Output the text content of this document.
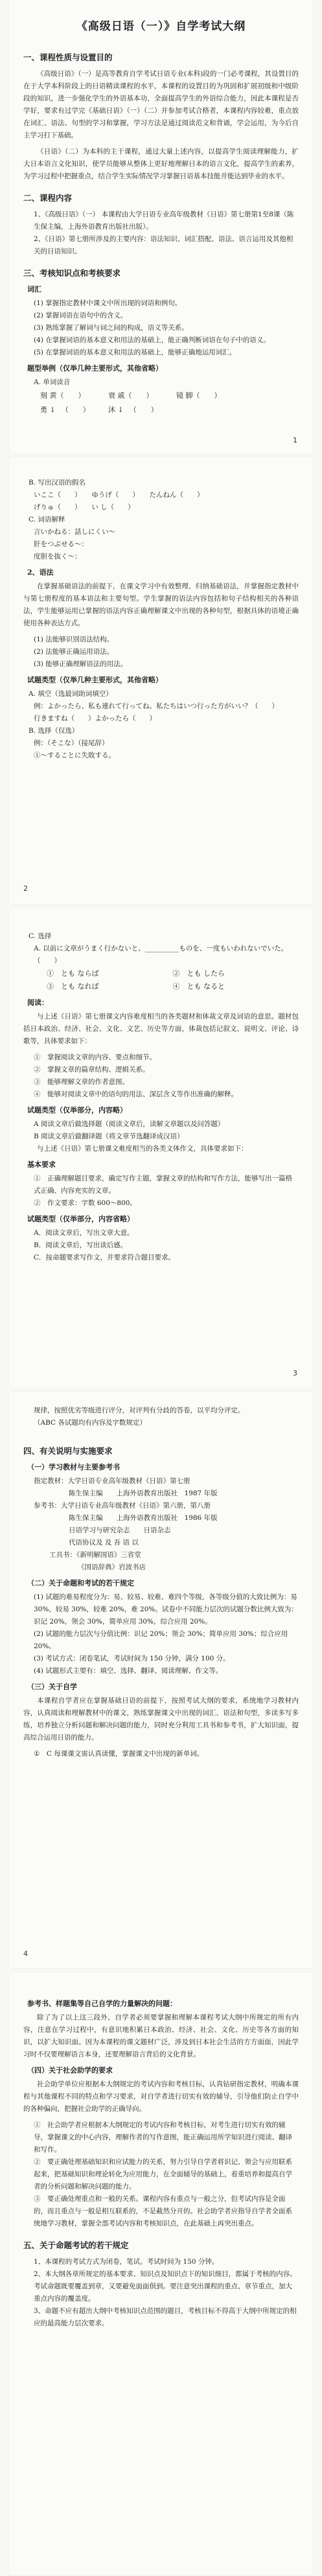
《高级日语（一）》自学考试大纲
一、课程性质与设置目的

《高级日语》（一）是高等教育自学考试日语专业(本科)段的一门必考课程，其设置目的在于大学本科阶段上的日语精读课程的水平，本课程的设置目的为巩固和扩展初级和中级阶段的知识，进一步强化学生的外语基本功，全面提高学生的外语综合能力，因此本课程是否学好，要求有过学完《基础日语》（一）（二）并参加考试合格者，本课程内容较难，重点放在词汇、语法、句型的学习和掌握，学习方法是通过阅读范文和背诵，学会运用，为今后自主学习打下基础。

《日语》（二）为本科的主干课程，通过大量上述内容，以提高学生阅读理解能力，扩大日本语言文化知识，使学员能够从整体上更好地理解日本的语言文化，提高学生的素养，为学习过程中把握重点，结合学生实际情况学习掌握日语基本技能并能达到毕业的水平。

二、课程内容

1、《高级日语》（一） 本课程由大学日语专业高年级教材《日语》第七册第1至8课（陈生保主编，上海外语教育出版社出版）。

2、《日语》第七册所涉及的主要内容：语法知识、词汇搭配、语法、语言运用及其他相关的日语知识。

三、考核知识点和考核要求
词汇

(1) 掌握指定教材中课文中所出现的词语和例句。

(2) 掌握词语在语句中的含义。

(3) 熟练掌握了解词与词之间的构成，语义等关系。

(4) 在掌握词语的基本意义和用法的基础上，能正确判断词语在句子中的语义。

(5) 在掌握词语的基本意义和用法的基础上，能够正确地运用词汇。

题型举例（仅举几种主要形式，其他省略）

A. 单词读音

刻 黄（　　）	衰 戚（　　）	镜 脚（　　）
勇 ↓ 　（　　）	沐 ↓ 　（　　）
1

B. 写出汉语的假名

いここ（　　）　　ゆうげ（　　）　　たんねん（　　）

げりゅ（　　）　　い し（　　）

C. 词语解释

言いかねる：話しにくい～

肝をつぶせる～：

度胆を抜く～：

2、语法

在掌握基础语法的前提下，在课文学习中有效整理、归纳基础语法，并掌握指定教材中与第七册程度的基本语法和主要句型。学生掌握的语法内容包括和句子结构相关的各种语法，学生能够运用已掌握的语法内容正确理解课文中出现的各种句型，根据具体的语境正确使用各种表达方式。

(1) 法能够识别语法结构。

(2) 法能够正确运用语法。

(3) 能够正确理解语法的用法。

试题类型（仅举几种主要形式，其他省略）

A. 填空（选最词助词填空）

例：よかったら、私も連れて行ってね。私たちはいつ行った方がいい？（　　）

行きますね（　　）よかったら（　　）

B. 选择（仅选）

例：（そこな）（接尾辞）

①～することに失敗する。

2

C. 选择

A. 以前に文章がうまく行かないと、__________ものを、一度もいわれないでいた。（　　）

①　とも ならば	②　とも したら
③　とも なれば	④　とも なると
阅读：

与上述《日语》第七册课文内容难度相当的各类题材和体裁文章及词语的意思。题材包括日本政治、经济、社会、文化、文艺、历史等方面，体裁包括记叙文、说明文、评论、诗歌等，具体要求如下：

①　掌握阅读文章的内容、要点和细节。

②　掌握文章的篇章结构、逻辑关系。

③　能够理解文章的作者意图。

④　能够对阅读文章中的语句的用法、深层含义等作出准确的解释。

试题类型（仅举部分，内容略）

A 阅读文章后做选择题（阅读文章后，读解文章题以及问答题）

B 阅读文章后做翻译题（将文章节选翻译成汉语）

与上述《日语》第七册课文难度相当的各类文体作文，具体要求如下：

基本要求

①　正确理解题目要求，确定写作主题，掌握文章的结构和写作方法，能够写出一篇格式正确、内容充实的文章。

②　作文要求：字数 600～800。

试题类型（仅举部分，内容省略）

A．阅读文章后，写出文章大意。

B．阅读文章后，写出读后感。

C．按命题要求写作文，并要求符合题目要求。

3

规律，按照优劣等级进行评分，对评判有分歧的答卷，以平均分评定。

（ABC 各试题均有内容及字数规定）

四、有关说明与实施要求
（一）学习教材与主要参考书

指定教材：大学日语专业高年级教材《日语》第七册

陈生保主编　　上海外语教育出版社　1987 年版

参考书：大学日语专业高年级教材《日语》第六册，第八册

陈生保主编　　上海外语教育出版社　1986 年版

日语学习与研究杂志　　日语杂志

代语协议及 及 吾 语 以

工具书：《新明解国语》三省堂

《国语辞典》岩波书店

（二）关于命题和考试的若干规定

(1) 试题的难易程度分为：易、较易、较难、难四个等级，各等级分值的大致比例为：易 30%，较易 30%，较难 20%，难 20%。试卷中不同能力层次的试题分数比例大致为：识记 20%，领会 30%，简单应用 30%，综合应用 20%。

(2) 试题的能力层次与分值比例：识记 20%；领会 30%；简单应用 30%；综合应用 20%。

(3) 考试方式：闭卷笔试，考试时间为 150 分钟，满分 100 分。

(4) 试题形式主要有：填空、选择、翻译、阅读理解、作文等。

（三）关于自学

本课程自学者应在掌握基础日语的前提下，按照考试大纲的要求，系统地学习教材内容，认真阅读和理解教材中的课文，熟练掌握课文中出现的词汇、语法和句型，多读多写多练，培养独立分析问题和解决问题的能力，同时充分利用工具书和参考书，扩大知识面，提高综合运用日语的能力。

①　C 每课课文需认真读懂，掌握课文中出现的新单词。

4
参考书、样题集等自己自学的力量解决的问题：

除了为了以上这三段外，自学者必须要掌握和理解本课程考试大纲中所规定的所有内容，注意在学习过程中，有意识地积累日本政治、经济、社会、文化、历史等各方面的知识，以扩大知识面。因为本课程的课文题材广泛，涉及到日本社会生活的方方面面，因此学习时不仅要理解语言本身，还要理解语言背后的文化背景。

（四）关于社会助学的要求

社会助学单位应根据本大纲规定的考试内容和考核目标，认真钻研指定教材，明确本课程与其他课程不同的特点和学习要求，对自学者进行切实有效的辅导，引导他们防止自学中的各种偏向，把握社会助学的正确导向。

①　社会助学者应根据本大纲规定的考试内容和考核目标，对考生进行切实有效的辅导，掌握课文的中心内容，理解作者的写作意图，能正确运用所学知识进行阅读、翻译和写作。

②　要正确处理基础知识和应试能力的关系，努力引导自学者将识记、领会与应用联系起来，把基础知识和理论转化为应用能力，在全面辅导的基础上，着重培养和提高自学者的分析问题和解决问题的能力。

③　要正确处理重点和一般的关系。课程内容有重点与一般之分，但考试内容是全面的，而且重点与一般是相互联系的，不是截然分开的。社会助学者应指导自学者全面系统地学习教材，掌握全部考试内容和考核知识点，在此基础上再突出重点。

五、关于命题考试的若干规定

1、本课程的考试方式为闭卷，笔试。考试时间为 150 分钟。

2、本大纲各章所规定的基本要求、知识点及知识点下的知识细目，都属于考核的内容。考试命题既要覆盖到章，又要避免面面俱到。要注意突出课程的重点、章节重点，加大重点内容的覆盖度。

3、命题不应有超出大纲中考核知识点范围的题目，考核目标不得高于大纲中所规定的相应的最高能力层次要求。
